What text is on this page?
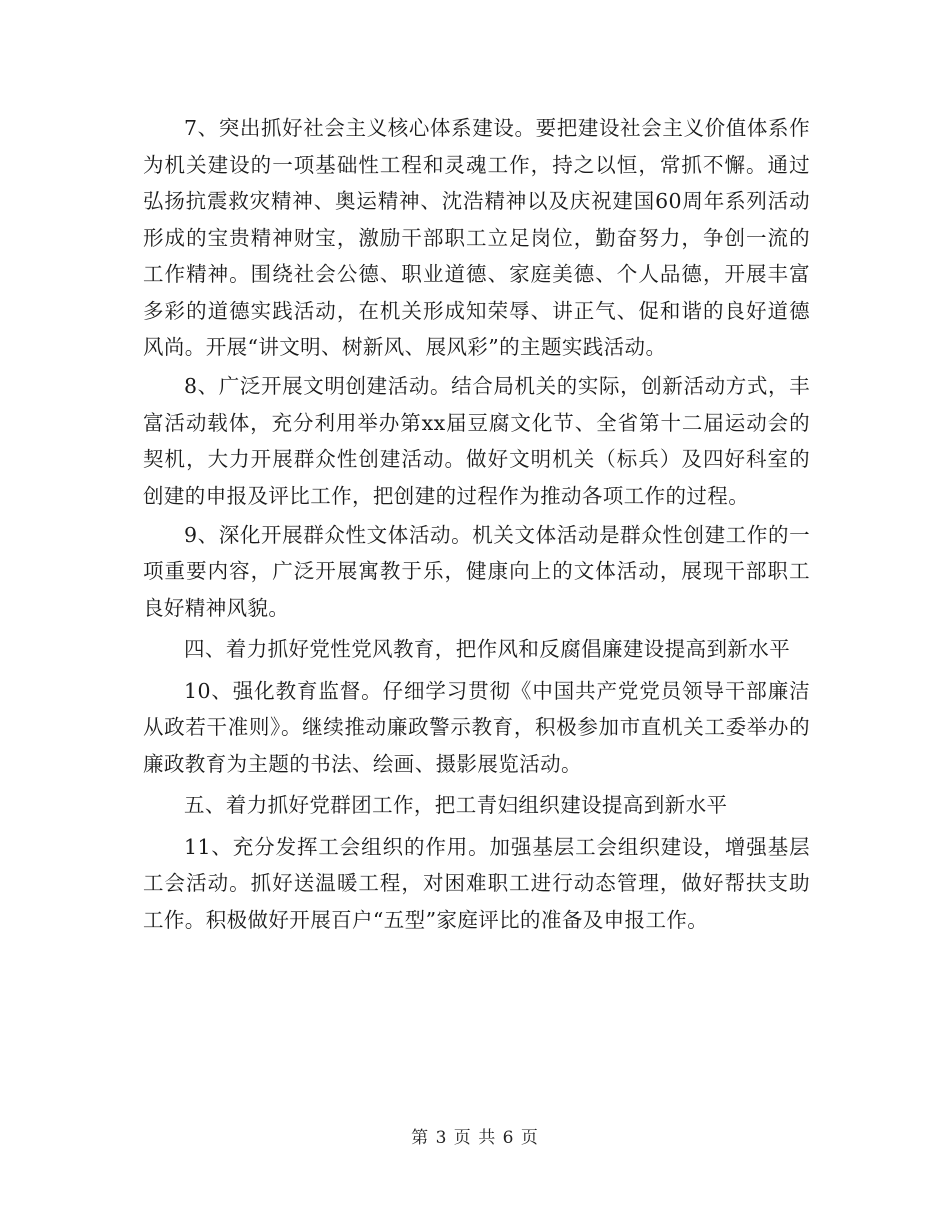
7、突出抓好社会主义核心体系建设。要把建设社会主义价值体系作为机关建设的一项基础性工程和灵魂工作，持之以恒，常抓不懈。通过弘扬抗震救灾精神、奥运精神、沈浩精神以及庆祝建国60周年系列活动形成的宝贵精神财宝，激励干部职工立足岗位，勤奋努力，争创一流的工作精神。围绕社会公德、职业道德、家庭美德、个人品德，开展丰富多彩的道德实践活动，在机关形成知荣辱、讲正气、促和谐的良好道德风尚。开展“讲文明、树新风、展风彩”的主题实践活动。

8、广泛开展文明创建活动。结合局机关的实际，创新活动方式，丰富活动载体，充分利用举办第xx届豆腐文化节、全省第十二届运动会的契机，大力开展群众性创建活动。做好文明机关（标兵）及四好科室的创建的申报及评比工作，把创建的过程作为推动各项工作的过程。

9、深化开展群众性文体活动。机关文体活动是群众性创建工作的一项重要内容，广泛开展寓教于乐，健康向上的文体活动，展现干部职工良好精神风貌。

四、着力抓好党性党风教育，把作风和反腐倡廉建设提高到新水平

10、强化教育监督。仔细学习贯彻《中国共产党党员领导干部廉洁从政若干准则》。继续推动廉政警示教育，积极参加市直机关工委举办的廉政教育为主题的书法、绘画、摄影展览活动。

五、着力抓好党群团工作，把工青妇组织建设提高到新水平

11、充分发挥工会组织的作用。加强基层工会组织建设，增强基层工会活动。抓好送温暖工程，对困难职工进行动态管理，做好帮扶支助工作。积极做好开展百户“五型”家庭评比的准备及申报工作。

第 3 页 共 6 页
